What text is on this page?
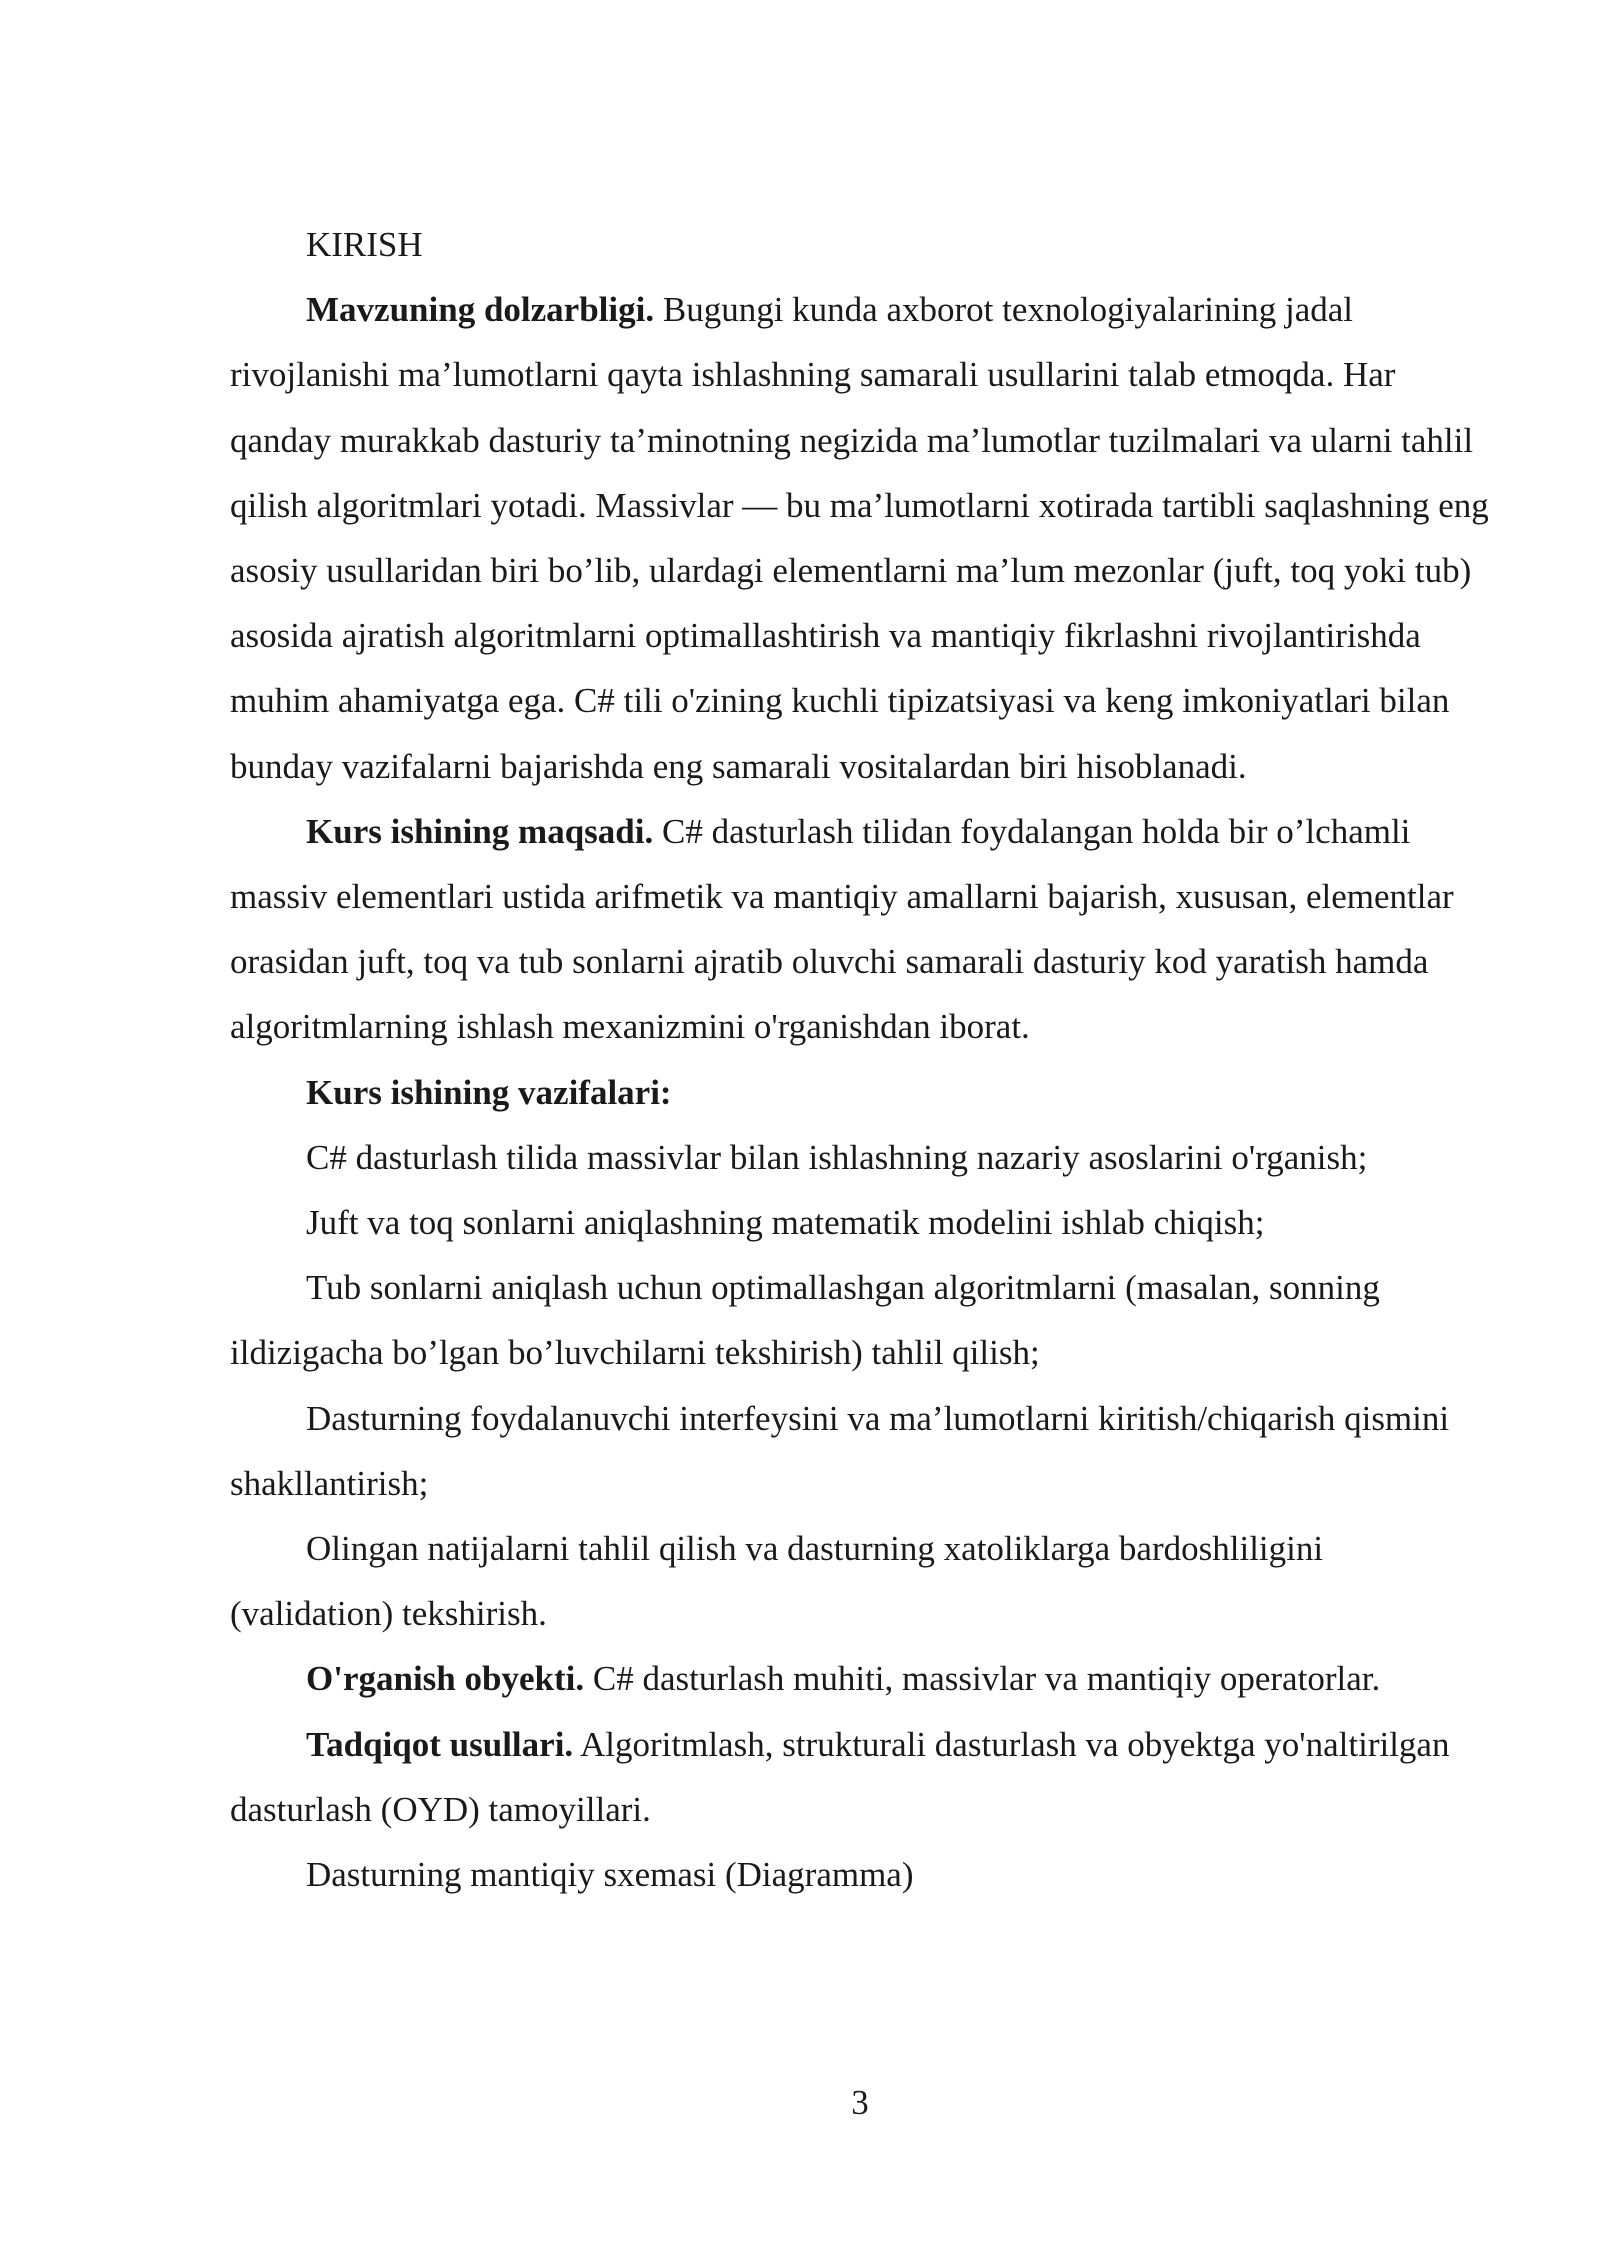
KIRISH

Mavzuning dolzarbligi. Bugungi kunda axborot texnologiyalarining jadal rivojlanishi ma’lumotlarni qayta ishlashning samarali usullarini talab etmoqda. Har qanday murakkab dasturiy ta’minotning negizida ma’lumotlar tuzilmalari va ularni tahlil qilish algoritmlari yotadi. Massivlar — bu ma’lumotlarni xotirada tartibli saqlashning eng asosiy usullaridan biri bo’lib, ulardagi elementlarni ma’lum mezonlar (juft, toq yoki tub) asosida ajratish algoritmlarni optimallashtirish va mantiqiy fikrlashni rivojlantirishda muhim ahamiyatga ega. C# tili o'zining kuchli tipizatsiyasi va keng imkoniyatlari bilan bunday vazifalarni bajarishda eng samarali vositalardan biri hisoblanadi.

Kurs ishining maqsadi. C# dasturlash tilidan foydalangan holda bir o’lchamli massiv elementlari ustida arifmetik va mantiqiy amallarni bajarish, xususan, elementlar orasidan juft, toq va tub sonlarni ajratib oluvchi samarali dasturiy kod yaratish hamda algoritmlarning ishlash mexanizmini o'rganishdan iborat.

Kurs ishining vazifalari:

C# dasturlash tilida massivlar bilan ishlashning nazariy asoslarini o'rganish;

Juft va toq sonlarni aniqlashning matematik modelini ishlab chiqish;

Tub sonlarni aniqlash uchun optimallashgan algoritmlarni (masalan, sonning ildizigacha bo’lgan bo’luvchilarni tekshirish) tahlil qilish;

Dasturning foydalanuvchi interfeysini va ma’lumotlarni kiritish/chiqarish qismini shakllantirish;

Olingan natijalarni tahlil qilish va dasturning xatoliklarga bardoshliligini (validation) tekshirish.

O'rganish obyekti. C# dasturlash muhiti, massivlar va mantiqiy operatorlar.

Tadqiqot usullari. Algoritmlash, strukturali dasturlash va obyektga yo'naltirilgan dasturlash (OYD) tamoyillari.

Dasturning mantiqiy sxemasi (Diagramma)

3
